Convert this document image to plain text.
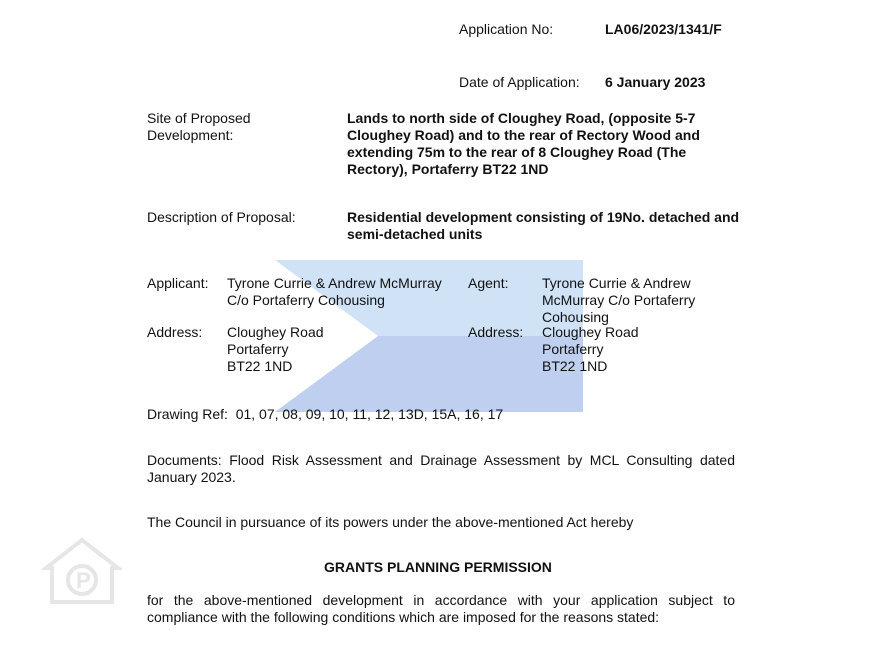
P
Application No:	LA06/2023/1341/F
Date of Application: 6 January 2023
Site of Proposed
Development:
Lands to north side of Cloughey Road, (opposite 5-7
Cloughey Road) and to the rear of Rectory Wood and
extending 75m to the rear of 8 Cloughey Road (The
Rectory), Portaferry BT22 1ND
Description of Proposal:	Residential development consisting of 19No. detached and
semi-detached units
Applicant: Tyrone Currie & Andrew McMurray
C/o Portaferry Cohousing
Address: Cloughey Road
Portaferry
BT22 1ND
Agent: Tyrone Currie & Andrew
McMurray C/o Portaferry
Cohousing
Address: Cloughey Road
Portaferry
BT22 1ND
Drawing Ref:  01, 07, 08, 09, 10, 11, 12, 13D, 15A, 16, 17
Documents: Flood Risk Assessment and Drainage Assessment by MCL Consulting dated
January 2023.
The Council in pursuance of its powers under the above-mentioned Act hereby
GRANTS PLANNING PERMISSION
for the above-mentioned development in accordance with your application subject to
compliance with the following conditions which are imposed for the reasons stated:
